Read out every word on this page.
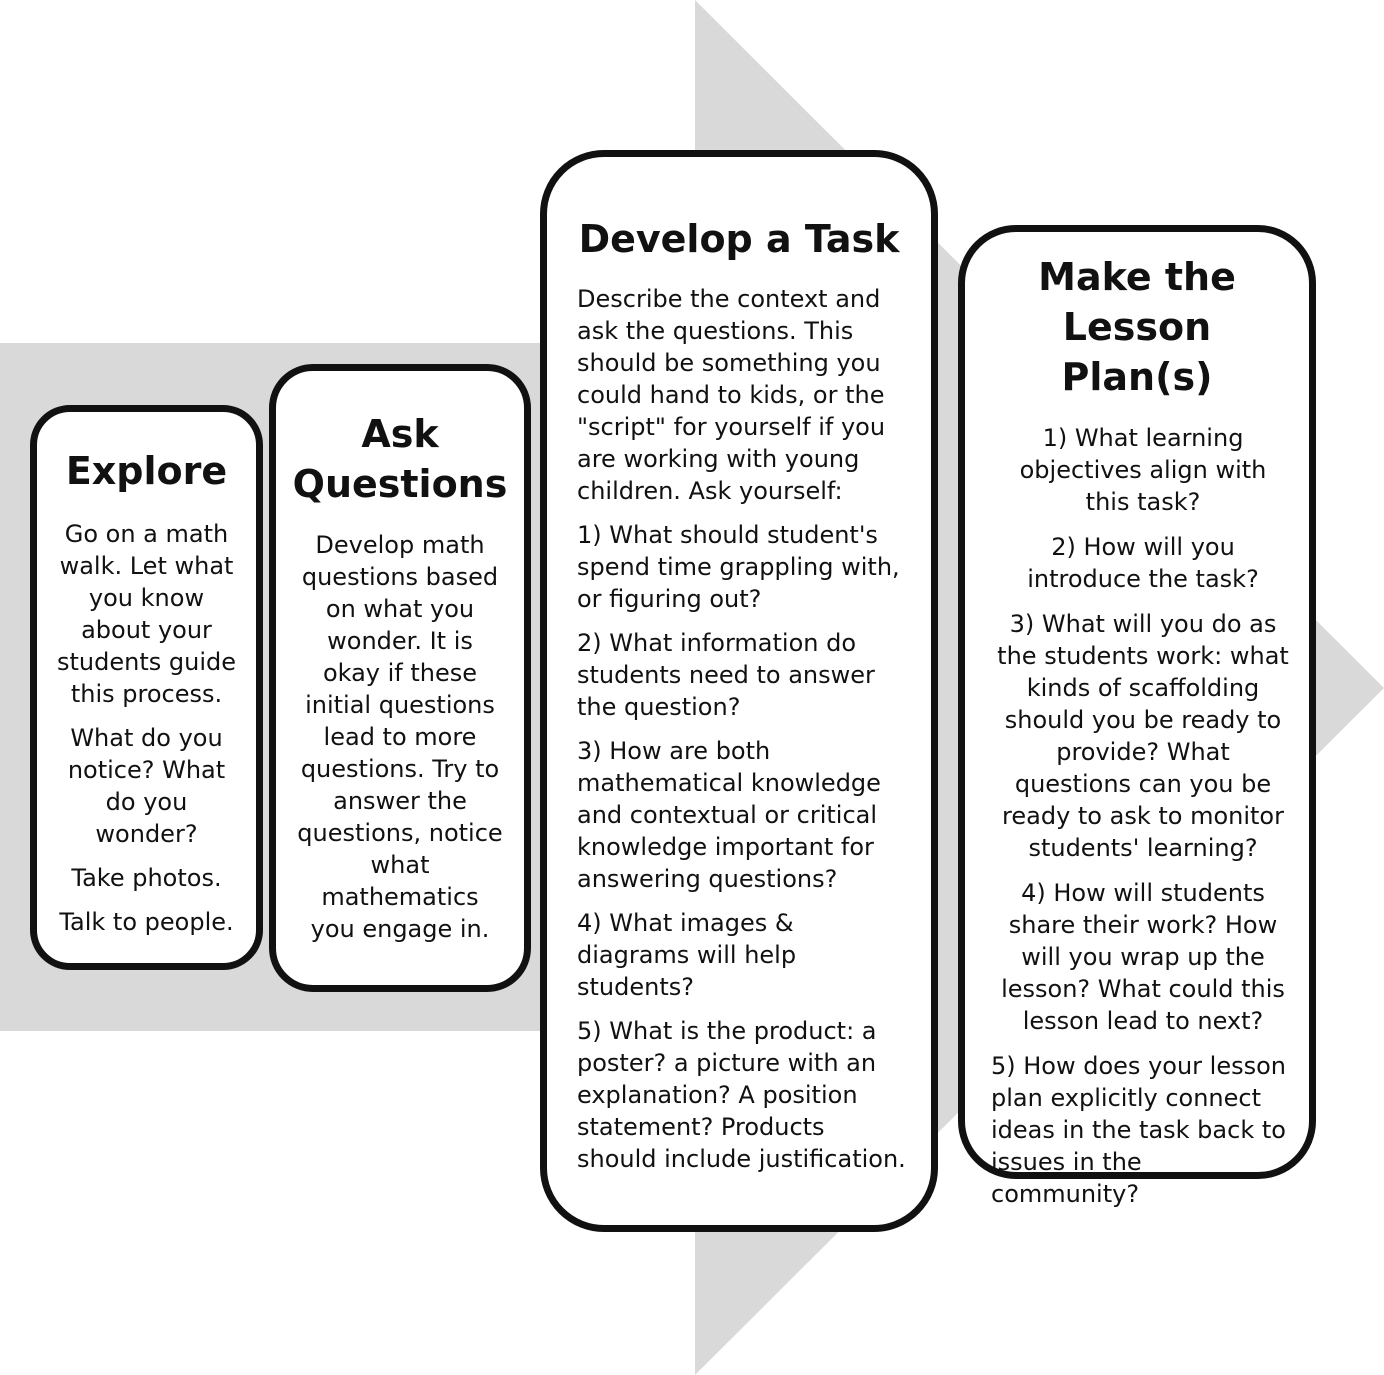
Explore

Go on a math
walk. Let what
you know
about your
students guide
this process.

What do you
notice? What
do you
wonder?

Take photos.

Talk to people.

Ask
Questions

Develop math
questions based
on what you
wonder. It is
okay if these
initial questions
lead to more
questions. Try to
answer the
questions, notice
what
mathematics
you engage in.

Develop a Task

Describe the context and
ask the questions. This
should be something you
could hand to kids, or the
"script" for yourself if you
are working with young
children. Ask yourself:

1) What should student's
spend time grappling with,
or figuring out?

2) What information do
students need to answer
the question?

3) How are both
mathematical knowledge
and contextual or critical
knowledge important for
answering questions?

4) What images &
diagrams will help
students?

5) What is the product: a
poster? a picture with an
explanation? A position
statement? Products
should include justification.

Make the
Lesson Plan(s)

1) What learning
objectives align with
this task?

2) How will you
introduce the task?

3) What will you do as
the students work: what
kinds of scaffolding
should you be ready to
provide? What
questions can you be
ready to ask to monitor
students' learning?

4) How will students
share their work? How
will you wrap up the
lesson? What could this
lesson lead to next?

5) How does your lesson
plan explicitly connect
ideas in the task back to
issues in the
community?
